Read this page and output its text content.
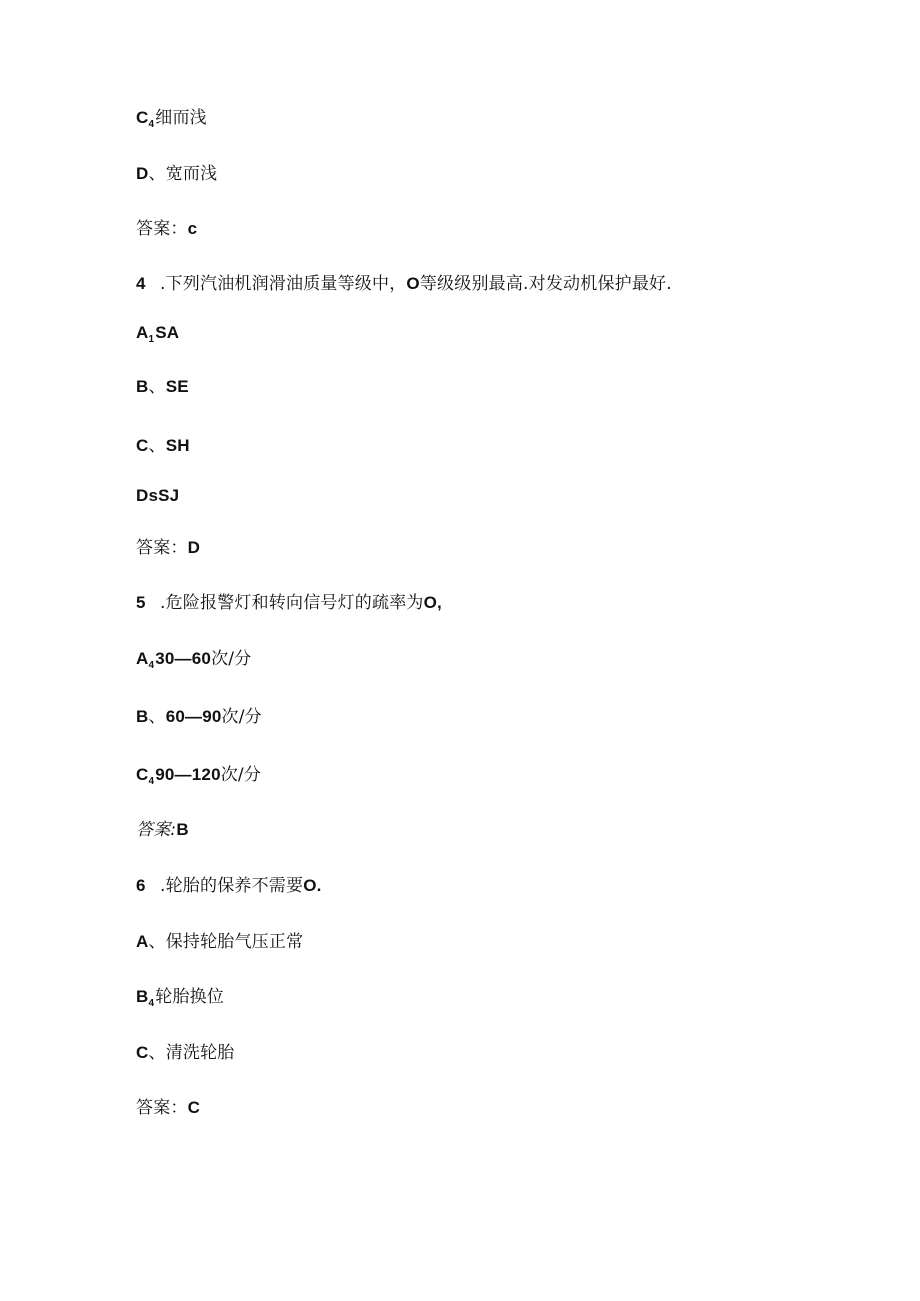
$C_4$细而浅
D、宽而浅
答案：c
4 .下列汽油机润滑油质量等级中，O等级级别最高.对发动机保护最好.
$A_1SA$
B、SE
C、SH
DsSJ
答案：D
5 .危险报警灯和转向信号灯的疏率为O,
$A_430—60$次/分
B、60—90次/分
$C_490—120$次/分
答案:B
6 .轮胎的保养不需要O.
A、保持轮胎气压正常
$B_4$轮胎换位
C、清洗轮胎
答案：C
